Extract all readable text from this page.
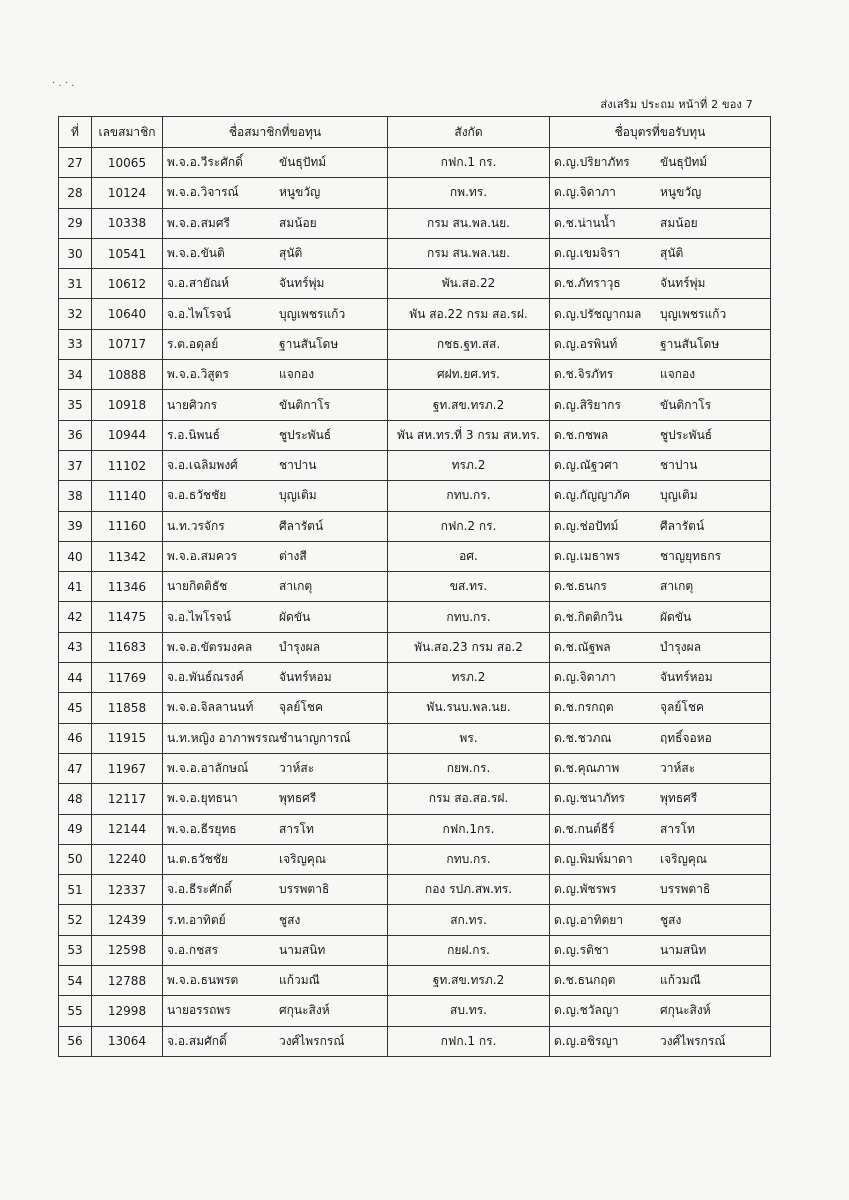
· . · .
ส่งเสริม ประถม หน้าที่ 2 ของ 7
ที่	เลขสมาชิก	ชื่อสมาชิกที่ขอทุน	สังกัด	ชื่อบุตรที่ขอรับทุน
27	10065	พ.จ.อ.วีระศักดิ์ ขันธุปัทม์	กฟก.1 กร.	ด.ญ.ปริยาภัทร ขันธุปัทม์
28	10124	พ.จ.อ.วิจารณ์ หนูขวัญ	กพ.ทร.	ด.ญ.จิดาภา หนูขวัญ
29	10338	พ.จ.อ.สมศรี สมน้อย	กรม สน.พล.นย.	ด.ช.น่านน้ำ สมน้อย
30	10541	พ.จ.อ.ขันติ สุนัติ	กรม สน.พล.นย.	ด.ญ.เขมจิรา สุนัติ
31	10612	จ.อ.สายัณห์ จันทร์พุ่ม	พัน.สอ.22	ด.ช.ภัทราวุธ จันทร์พุ่ม
32	10640	จ.อ.ไพโรจน์ บุญเพชรแก้ว	พัน สอ.22 กรม สอ.รฝ.	ด.ญ.ปรัชญากมล บุญเพชรแก้ว
33	10717	ร.ต.อดุลย์ ฐานสันโดษ	กชธ.ฐท.สส.	ด.ญ.อรพินท์ ฐานสันโดษ
34	10888	พ.จ.อ.วิสูตร แจกอง	ศฝท.ยศ.ทร.	ด.ช.จิรภัทร แจกอง
35	10918	นายศิวกร ขันติกาโร	ฐท.สข.ทรภ.2	ด.ญ.สิริยากร ขันติกาโร
36	10944	ร.อ.นิพนธ์ ชูประพันธ์	พัน สห.ทร.ที่ 3 กรม สห.ทร.	ด.ช.กชพล ชูประพันธ์
37	11102	จ.อ.เฉลิมพงศ์ ชาปาน	ทรภ.2	ด.ญ.ณัฐวศา ชาปาน
38	11140	จ.อ.ธวัชชัย บุญเติม	กทบ.กร.	ด.ญ.กัญญาภัค บุญเติม
39	11160	น.ท.วรจักร ศีลารัตน์	กฟก.2 กร.	ด.ญ.ช่อปัทม์ ศีลารัตน์
40	11342	พ.จ.อ.สมควร ต่างสี	อศ.	ด.ญ.เมธาพร ชาญยุทธกร
41	11346	นายกิตติธัช สาเกตุ	ขส.ทร.	ด.ช.ธนกร สาเกตุ
42	11475	จ.อ.ไพโรจน์ ผัดขัน	กทบ.กร.	ด.ช.กิตติกวิน ผัดขัน
43	11683	พ.จ.อ.ขัตรมงคล บำรุงผล	พัน.สอ.23 กรม สอ.2	ด.ช.ณัฐพล บำรุงผล
44	11769	จ.อ.พันธ์ณรงค์ จันทร์หอม	ทรภ.2	ด.ญ.จิดาภา จันทร์หอม
45	11858	พ.จ.อ.จิลลานนท์ จุลย์โชค	พัน.รนบ.พล.นย.	ด.ช.กรกฤต จุลย์โชค
46	11915	น.ท.หญิง อาภาพรรณชำนาญการณ์	พร.	ด.ช.ชวภณ ฤทธิ์จอหอ
47	11967	พ.จ.อ.อาลักษณ์ วาห์สะ	กยพ.กร.	ด.ช.คุณภาพ วาห์สะ
48	12117	พ.จ.อ.ยุทธนา พุทธศรี	กรม สอ.สอ.รฝ.	ด.ญ.ชนาภัทร พุทธศรี
49	12144	พ.จ.อ.ธีรยุทธ สารโท	กฟก.1กร.	ด.ช.กนต์ธีร์ สารโท
50	12240	น.ต.ธวัชชัย เจริญคุณ	กทบ.กร.	ด.ญ.พิมพ์มาดา เจริญคุณ
51	12337	จ.อ.ธีระศักดิ์ บรรพตาธิ	กอง รปภ.สพ.ทร.	ด.ญ.พัชรพร บรรพตาธิ
52	12439	ร.ท.อาทิตย์ ชูสง	สก.ทร.	ด.ญ.อาทิตยา ชูสง
53	12598	จ.อ.กชสร นามสนิท	กยฝ.กร.	ด.ญ.รติชา นามสนิท
54	12788	พ.จ.อ.ธนพรต แก้วมณี	ฐท.สข.ทรภ.2	ด.ช.ธนกฤต แก้วมณี
55	12998	นายอรรถพร ศกุนะสิงห์	สบ.ทร.	ด.ญ.ชวัลญา ศกุนะสิงห์
56	13064	จ.อ.สมศักดิ์ วงศ์ไพรกรณ์	กฟก.1 กร.	ด.ญ.อชิรญา วงศ์ไพรกรณ์
